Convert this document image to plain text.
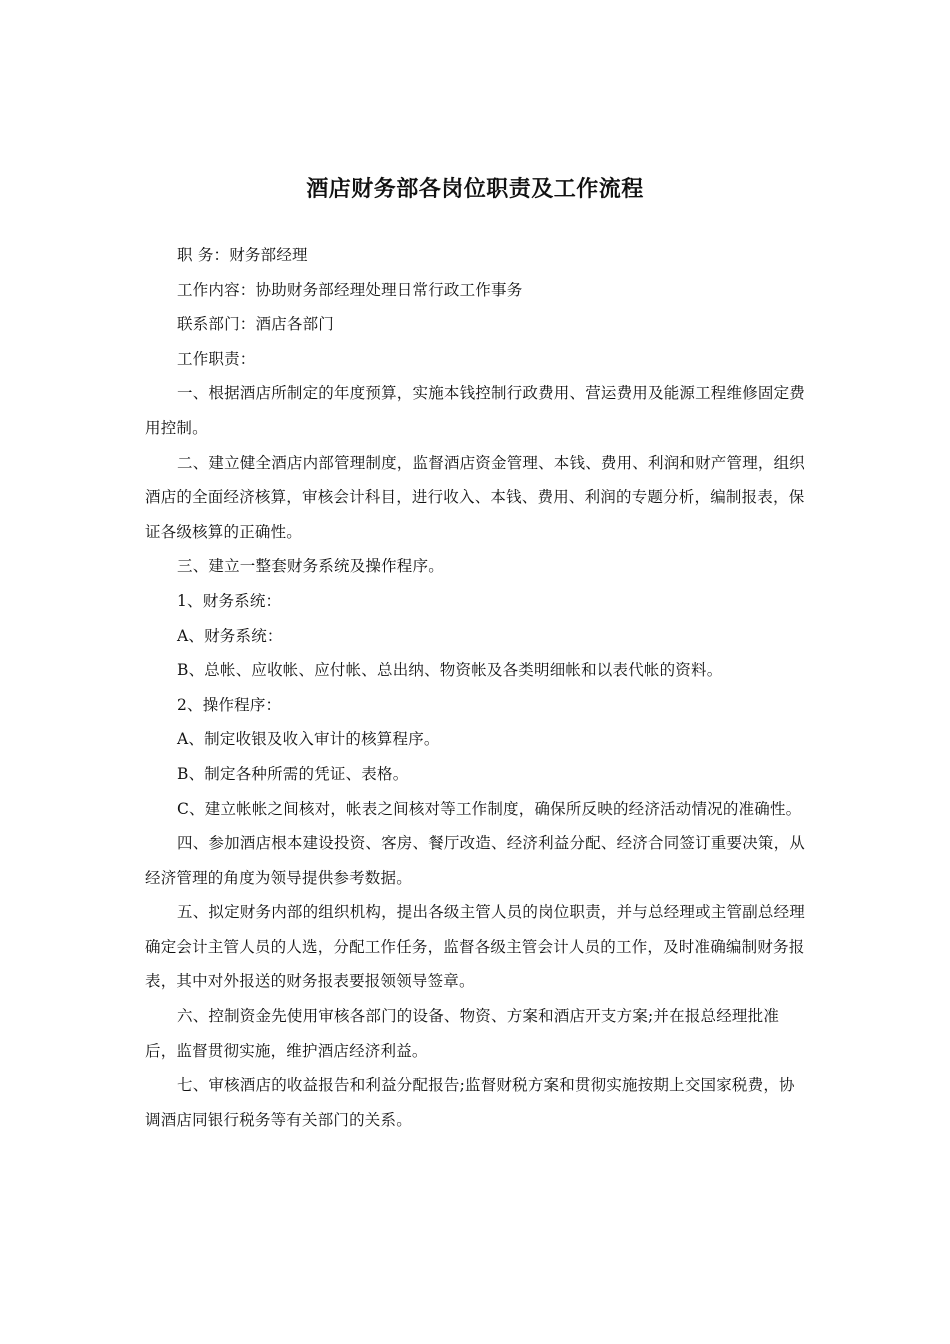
酒店财务部各岗位职责及工作流程

职 务：财务部经理

工作内容：协助财务部经理处理日常行政工作事务

联系部门：酒店各部门

工作职责：

一、根据酒店所制定的年度预算，实施本钱控制行政费用、营运费用及能源工程维修固定费用控制。

二、建立健全酒店内部管理制度，监督酒店资金管理、本钱、费用、利润和财产管理，组织酒店的全面经济核算，审核会计科目，进行收入、本钱、费用、利润的专题分析，编制报表，保证各级核算的正确性。

三、建立一整套财务系统及操作程序。

1、财务系统：

A、财务系统：

B、总帐、应收帐、应付帐、总出纳、物资帐及各类明细帐和以表代帐的资料。

2、操作程序：

A、制定收银及收入审计的核算程序。

B、制定各种所需的凭证、表格。

C、建立帐帐之间核对，帐表之间核对等工作制度，确保所反映的经济活动情况的准确性。

四、参加酒店根本建设投资、客房、餐厅改造、经济利益分配、经济合同签订重要决策，从经济管理的角度为领导提供参考数据。

五、拟定财务内部的组织机构，提出各级主管人员的岗位职责，并与总经理或主管副总经理确定会计主管人员的人选，分配工作任务，监督各级主管会计人员的工作，及时准确编制财务报表，其中对外报送的财务报表要报领领导签章。

六、控制资金先使用审核各部门的设备、物资、方案和酒店开支方案;并在报总经理批准后，监督贯彻实施，维护酒店经济利益。

七、审核酒店的收益报告和利益分配报告;监督财税方案和贯彻实施按期上交国家税费，协调酒店同银行税务等有关部门的关系。
